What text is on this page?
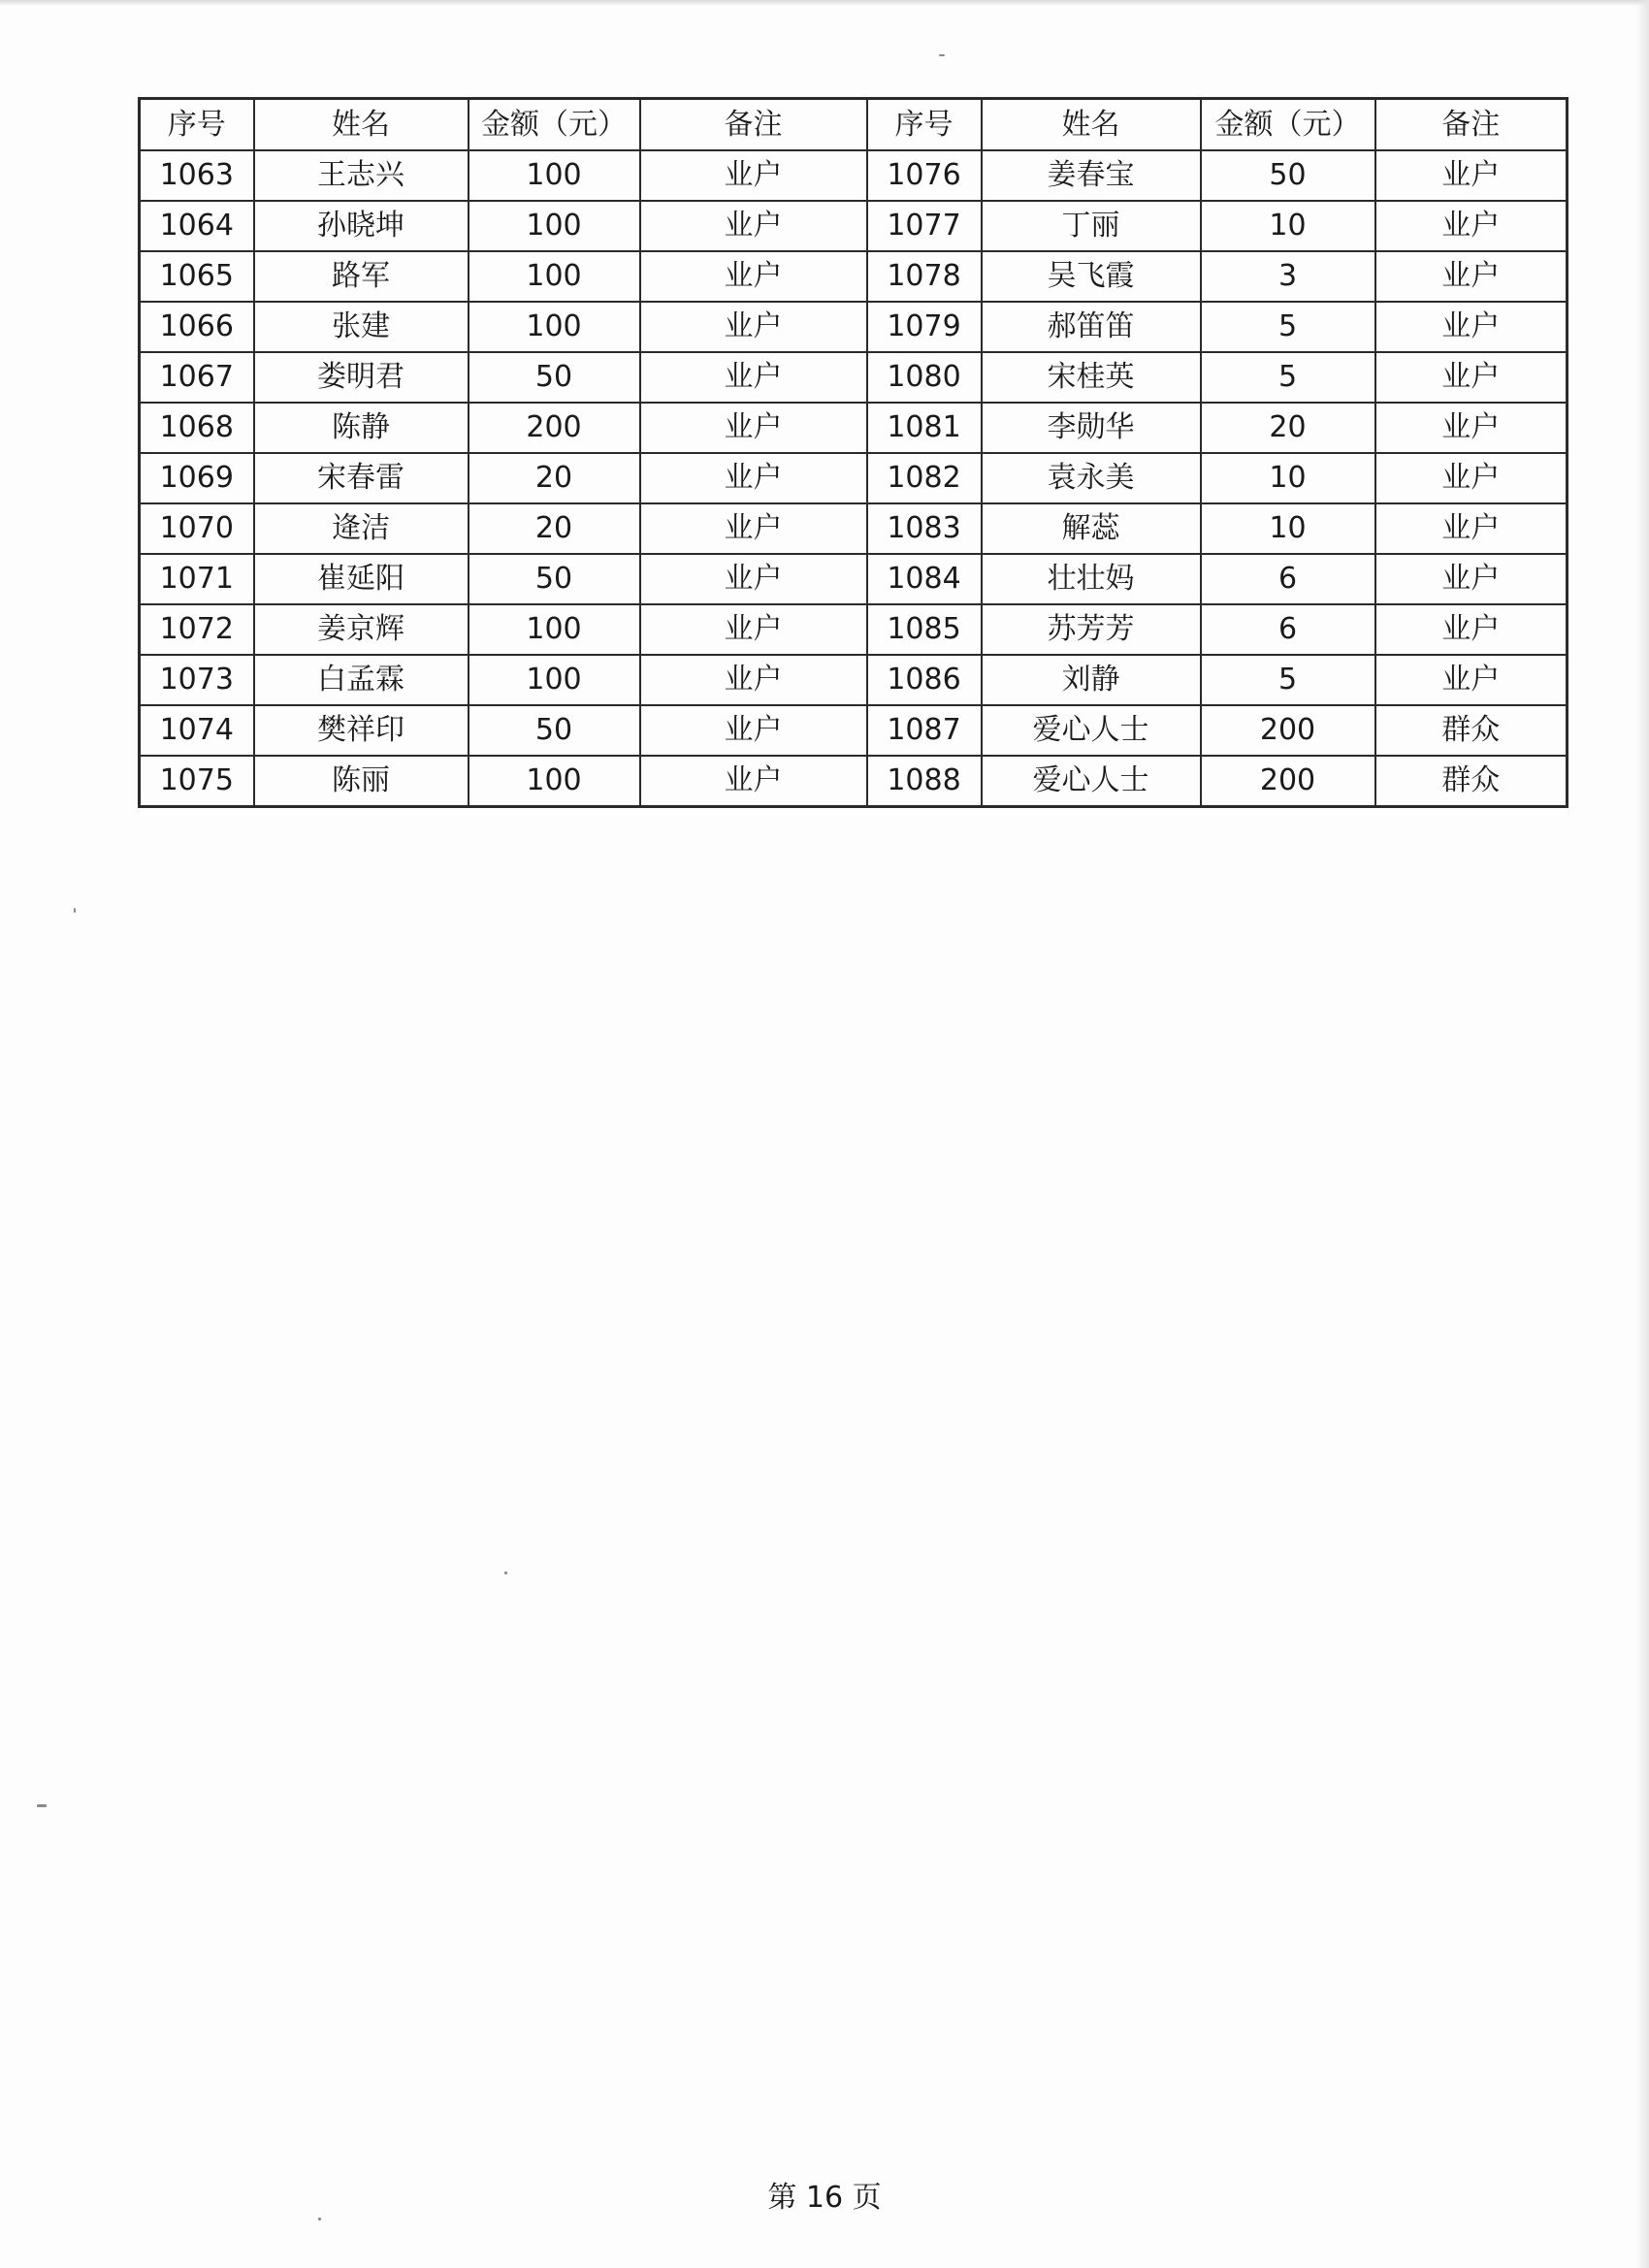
序号	姓名	金额（元）	备注	序号	姓名	金额（元）	备注
1063	王志兴	100	业户	1076	姜春宝	50	业户
1064	孙晓坤	100	业户	1077	丁丽	10	业户
1065	路军	100	业户	1078	吴飞霞	3	业户
1066	张建	100	业户	1079	郝笛笛	5	业户
1067	娄明君	50	业户	1080	宋桂英	5	业户
1068	陈静	200	业户	1081	李勋华	20	业户
1069	宋春雷	20	业户	1082	袁永美	10	业户
1070	逄洁	20	业户	1083	解蕊	10	业户
1071	崔延阳	50	业户	1084	壮壮妈	6	业户
1072	姜京辉	100	业户	1085	苏芳芳	6	业户
1073	白孟霖	100	业户	1086	刘静	5	业户
1074	樊祥印	50	业户	1087	爱心人士	200	群众
1075	陈丽	100	业户	1088	爱心人士	200	群众
第 16 页
